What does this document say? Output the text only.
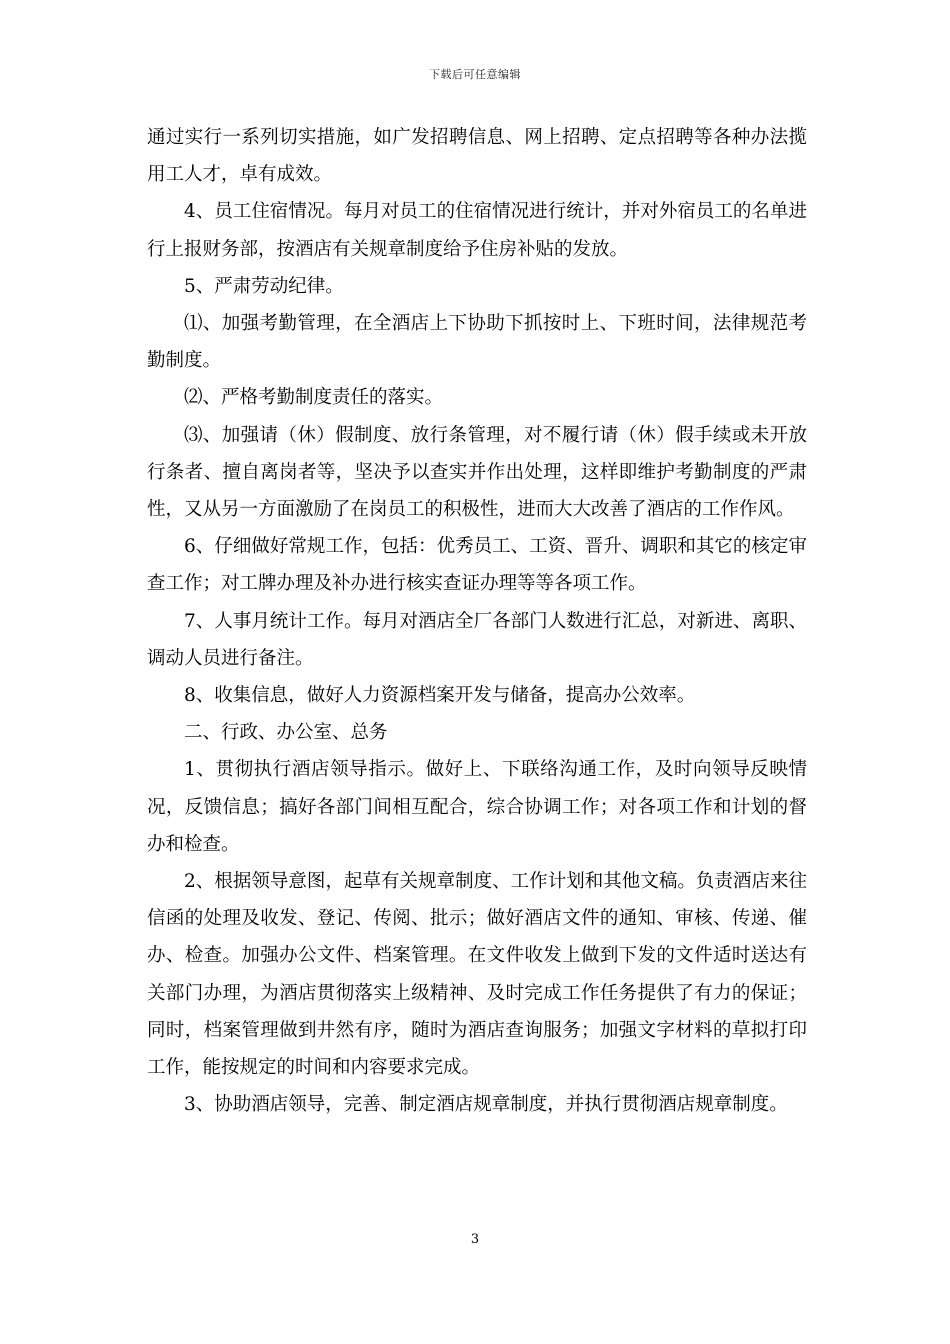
下载后可任意编辑

通过实行一系列切实措施，如广发招聘信息、网上招聘、定点招聘等各种办法揽用工人才，卓有成效。

4、员工住宿情况。每月对员工的住宿情况进行统计，并对外宿员工的名单进行上报财务部，按酒店有关规章制度给予住房补贴的发放。

5、严肃劳动纪律。

⑴、加强考勤管理，在全酒店上下协助下抓按时上、下班时间，法律规范考勤制度。

⑵、严格考勤制度责任的落实。

⑶、加强请（休）假制度、放行条管理，对不履行请（休）假手续或未开放行条者、擅自离岗者等，坚决予以查实并作出处理，这样即维护考勤制度的严肃性，又从另一方面激励了在岗员工的积极性，进而大大改善了酒店的工作作风。

6、仔细做好常规工作，包括：优秀员工、工资、晋升、调职和其它的核定审查工作；对工牌办理及补办进行核实查证办理等等各项工作。

7、人事月统计工作。每月对酒店全厂各部门人数进行汇总，对新进、离职、调动人员进行备注。

8、收集信息，做好人力资源档案开发与储备，提高办公效率。

二、行政、办公室、总务

1、贯彻执行酒店领导指示。做好上、下联络沟通工作，及时向领导反映情况，反馈信息；搞好各部门间相互配合，综合协调工作；对各项工作和计划的督办和检查。

2、根据领导意图，起草有关规章制度、工作计划和其他文稿。负责酒店来往信函的处理及收发、登记、传阅、批示；做好酒店文件的通知、审核、传递、催办、检查。加强办公文件、档案管理。在文件收发上做到下发的文件适时送达有关部门办理，为酒店贯彻落实上级精神、及时完成工作任务提供了有力的保证；同时，档案管理做到井然有序，随时为酒店查询服务；加强文字材料的草拟打印工作，能按规定的时间和内容要求完成。

3、协助酒店领导，完善、制定酒店规章制度，并执行贯彻酒店规章制度。

3
